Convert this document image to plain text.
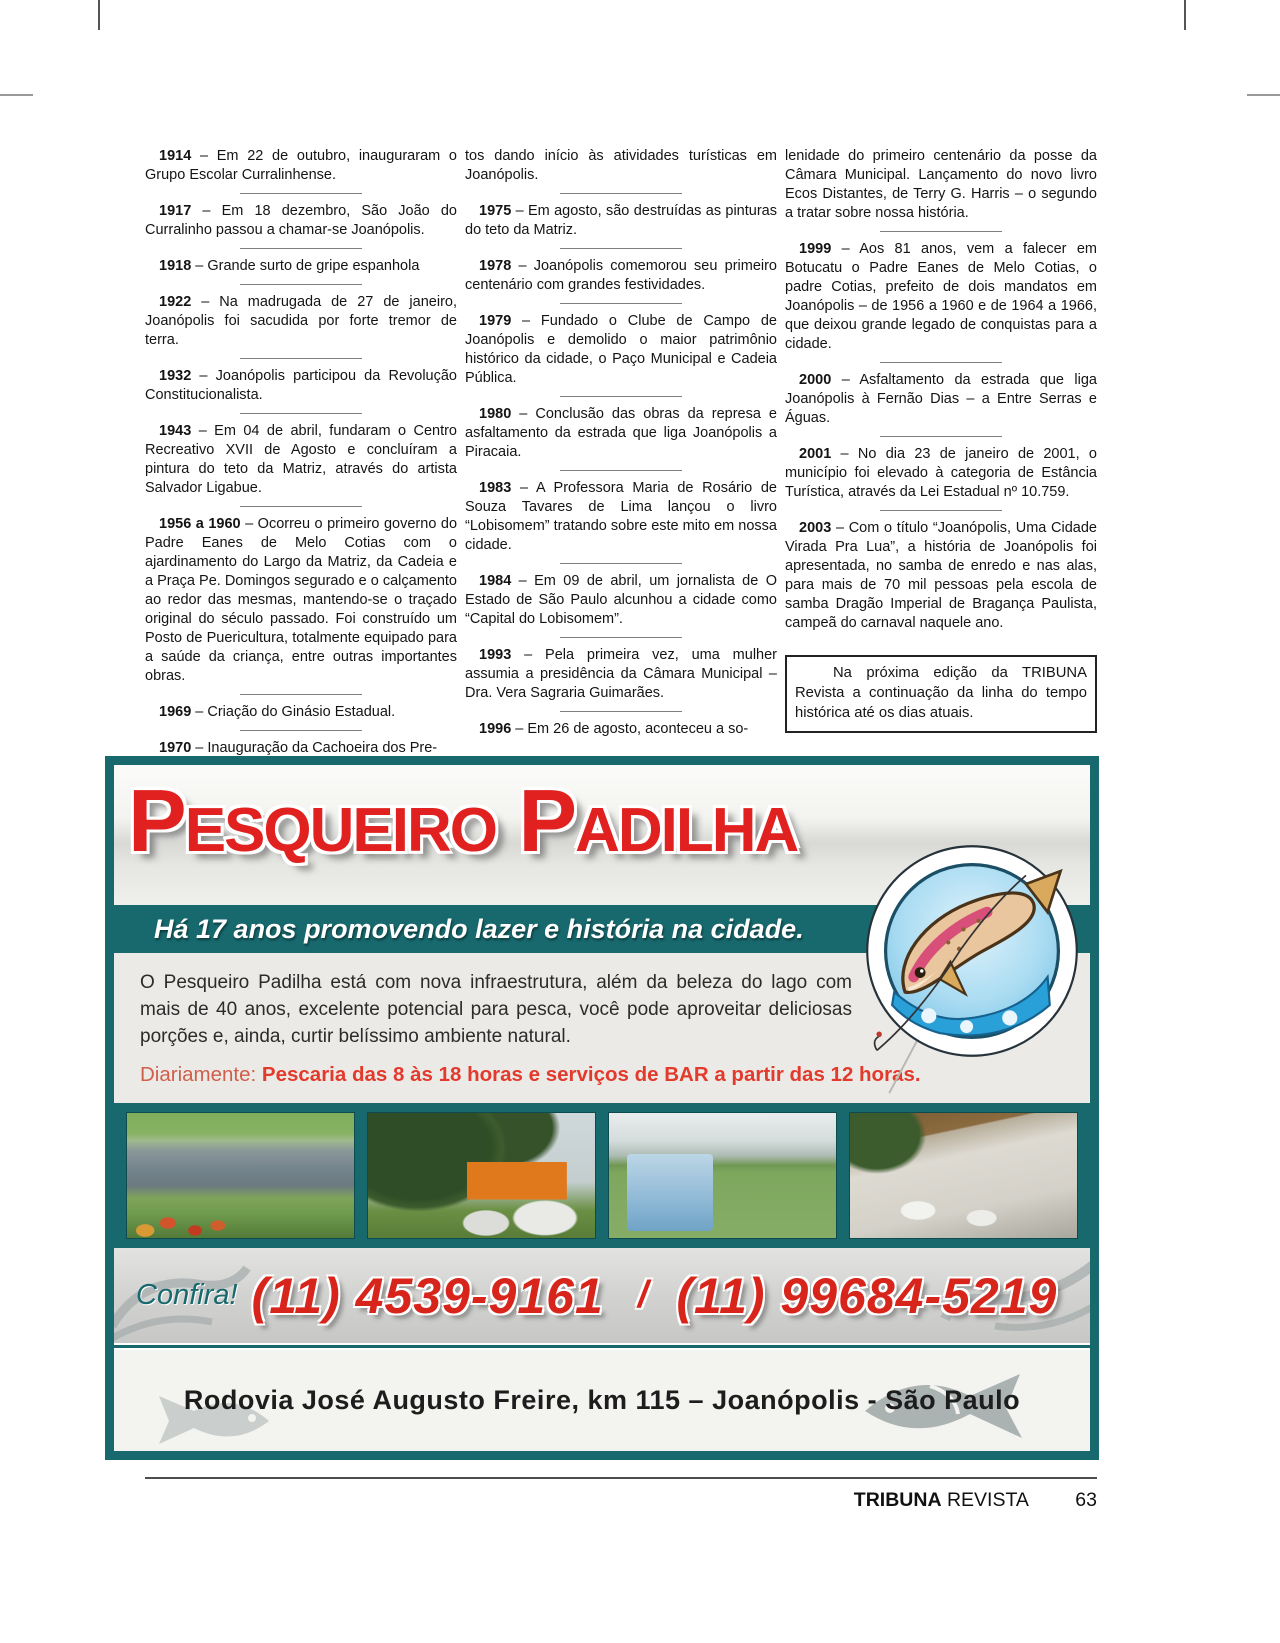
1914 – Em 22 de outubro, inauguraram o Grupo Escolar Curralinhense.

1917 – Em 18 dezembro, São João do Curralinho passou a chamar-se Joanópolis.

1918 – Grande surto de gripe espanhola

1922 – Na madrugada de 27 de janeiro, Joanópolis foi sacudida por forte tremor de terra.

1932 – Joanópolis participou da Revolução Constitucionalista.

1943 – Em 04 de abril, fundaram o Centro Recreativo XVII de Agosto e concluíram a pintura do teto da Matriz, através do artista Salvador Ligabue.

1956 a 1960 – Ocorreu o primeiro governo do Padre Eanes de Melo Cotias com o ajardinamento do Largo da Matriz, da Cadeia e a Praça Pe. Domingos segurado e o calçamento ao redor das mesmas, mantendo-se o traçado original do século passado. Foi construído um Posto de Puericultura, totalmente equipado para a saúde da criança, entre outras importantes obras.

1969 – Criação do Ginásio Estadual.

1970 – Inauguração da Cachoeira dos Pre-

tos dando início às atividades turísticas em Joanópolis.

1975 – Em agosto, são destruídas as pinturas do teto da Matriz.

1978 – Joanópolis comemorou seu primeiro centenário com grandes festividades.

1979 – Fundado o Clube de Campo de Joanópolis e demolido o maior patrimônio histórico da cidade, o Paço Municipal e Cadeia Pública.

1980 – Conclusão das obras da represa e asfaltamento da estrada que liga Joanópolis a Piracaia.

1983 – A Professora Maria de Rosário de Souza Tavares de Lima lançou o livro “Lobisomem” tratando sobre este mito em nossa cidade.

1984 – Em 09 de abril, um jornalista de O Estado de São Paulo alcunhou a cidade como “Capital do Lobisomem”.

1993 – Pela primeira vez, uma mulher assumia a presidência da Câmara Municipal – Dra. Vera Sagraria Guimarães.

1996 – Em 26 de agosto, aconteceu a so-

lenidade do primeiro centenário da posse da Câmara Municipal. Lançamento do novo livro Ecos Distantes, de Terry G. Harris – o segundo a tratar sobre nossa história.

1999 – Aos 81 anos, vem a falecer em Botucatu o Padre Eanes de Melo Cotias, o padre Cotias, prefeito de dois mandatos em Joanópolis – de 1956 a 1960 e de 1964 a 1966, que deixou grande legado de conquistas para a cidade.

2000 – Asfaltamento da estrada que liga Joanópolis à Fernão Dias – a Entre Serras e Águas.

2001 – No dia 23 de janeiro de 2001, o município foi elevado à categoria de Estância Turística, através da Lei Estadual nº 10.759.

2003 – Com o título “Joanópolis, Uma Cidade Virada Pra Lua”, a história de Joanópolis foi apresentada, no samba de enredo e nas alas, para mais de 70 mil pessoas pela escola de samba Dragão Imperial de Bragança Paulista, campeã do carnaval naquele ano.

Na próxima edição da TRIBUNA Revista a continuação da linha do tempo histórica até os dias atuais.
Pesqueiro Padilha
Há 17 anos promovendo lazer e história na cidade.

O Pesqueiro Padilha está com nova infraestrutura, além da beleza do lago com mais de 40 anos, excelente potencial para pesca, você pode aproveitar deliciosas porções e, ainda, curtir belíssimo ambiente natural.

Diariamente: Pescaria das 8 às 18 horas e serviços de BAR a partir das 12 horas.

Confira! (11) 4539-9161 / (11) 99684-5219
Rodovia José Augusto Freire, km 115 – Joanópolis - São Paulo
TRIBUNA REVISTA 63
